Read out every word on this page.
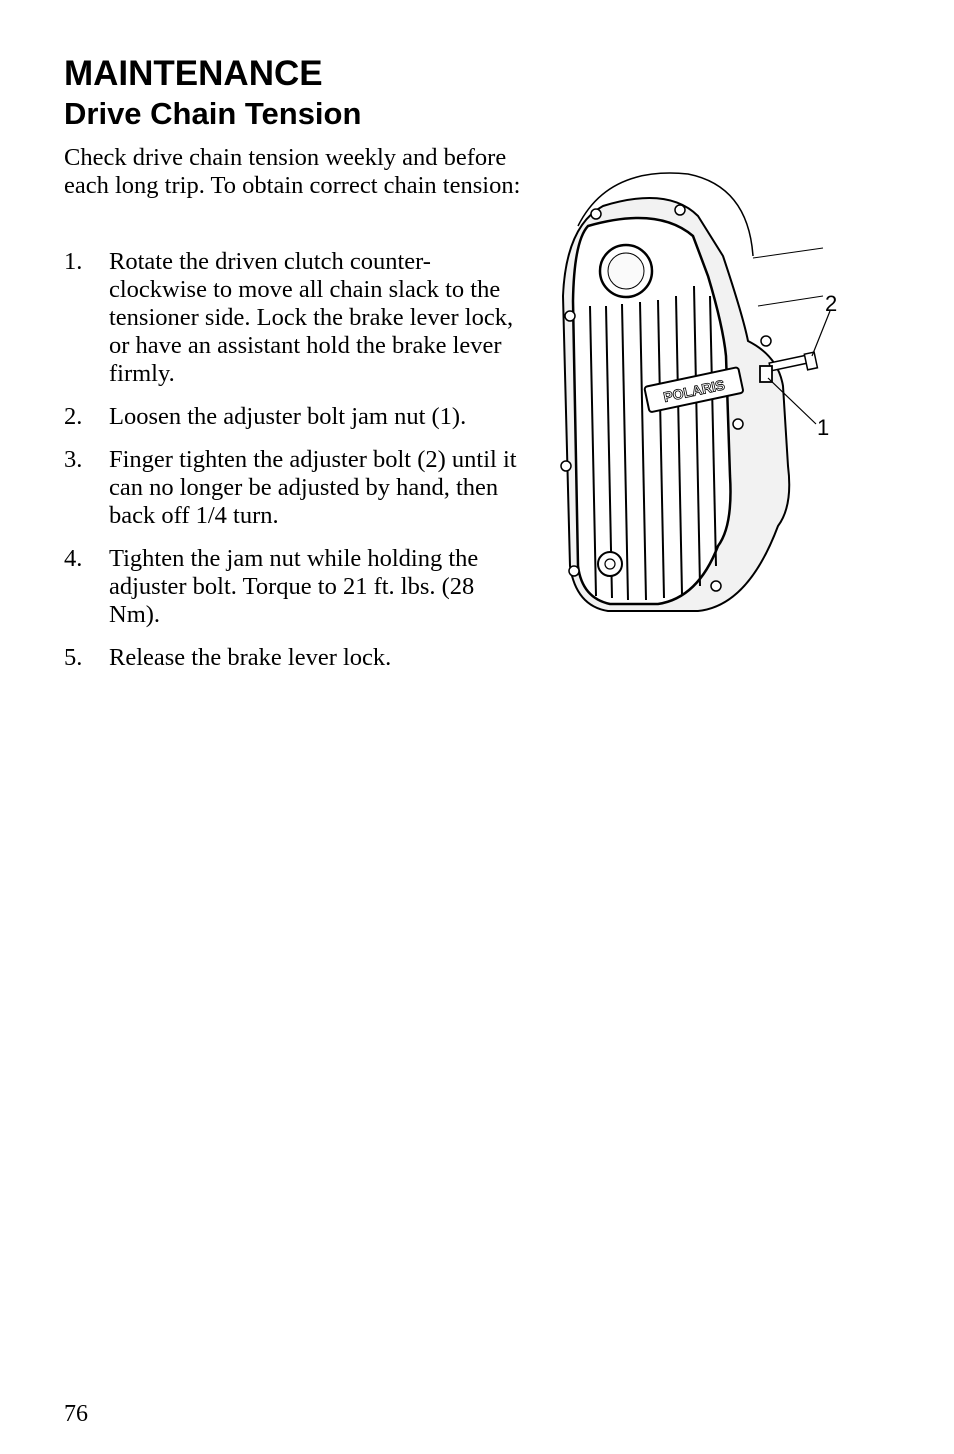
MAINTENANCE
Drive Chain Tension

Check drive chain tension weekly and before each long trip. To obtain correct chain tension:

1.	Rotate the driven clutch counter-clockwise to move all chain slack to the tensioner side. Lock the brake lever lock, or have an assistant hold the brake lever firmly.
2.	Loosen the adjuster bolt jam nut (1).
3.	Finger tighten the adjuster bolt (2) until it can no longer be adjusted by hand, then back off 1/4 turn.
4.	Tighten the jam nut while holding the adjuster bolt. Torque to 21 ft. lbs. (28 Nm).
5.	Release the brake lever lock.
POLARIS
2
1
76
